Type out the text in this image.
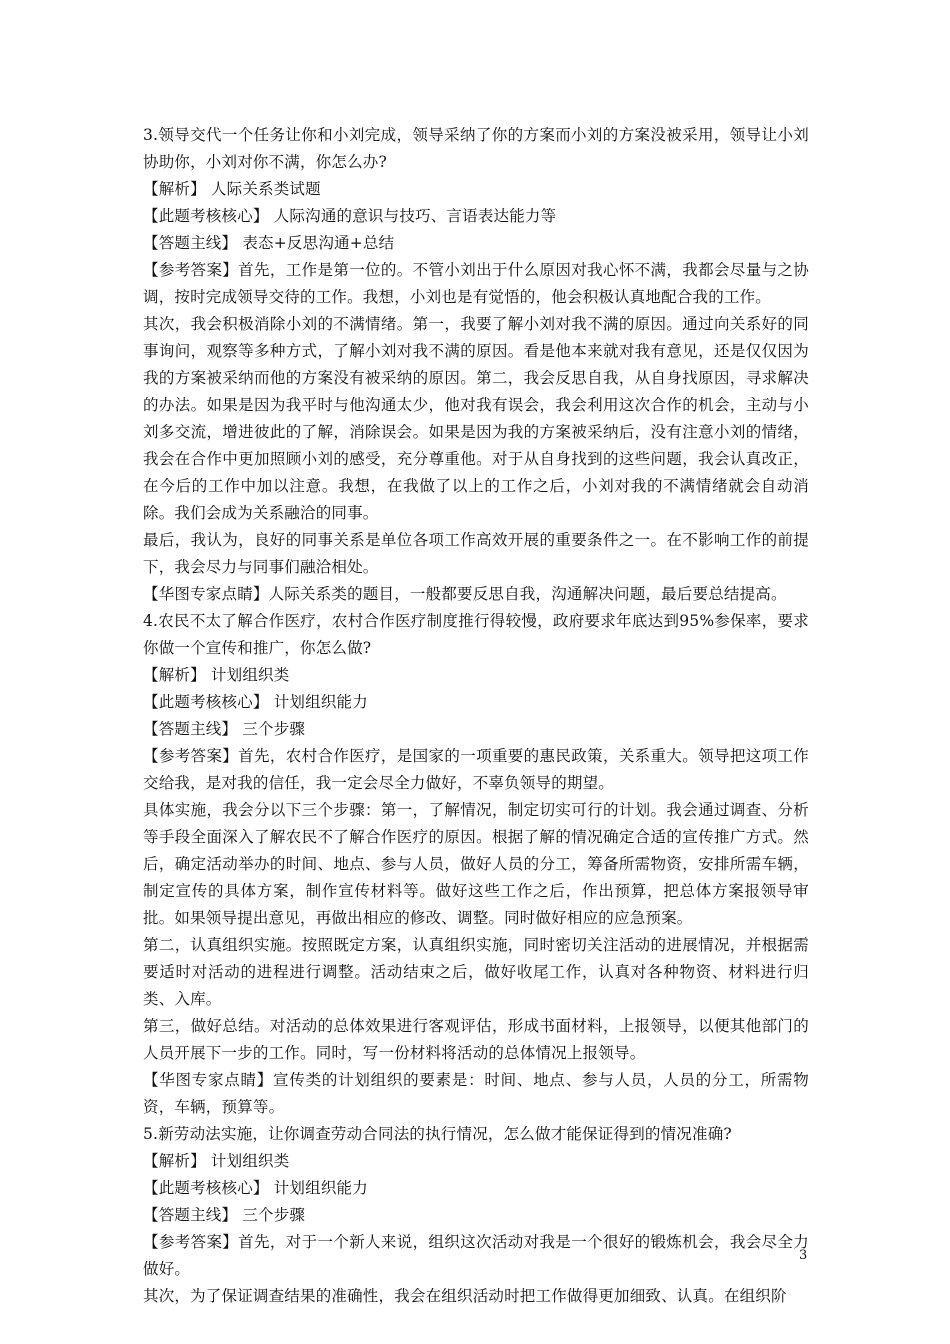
3.领导交代一个任务让你和小刘完成，领导采纳了你的方案而小刘的方案没被采用，领导让小刘协助你，小刘对你不满，你怎么办?

【解析】 人际关系类试题

【此题考核核心】 人际沟通的意识与技巧、言语表达能力等

【答题主线】 表态+反思沟通+总结

【参考答案】首先，工作是第一位的。不管小刘出于什么原因对我心怀不满，我都会尽量与之协调，按时完成领导交待的工作。我想，小刘也是有觉悟的，他会积极认真地配合我的工作。

其次，我会积极消除小刘的不满情绪。第一，我要了解小刘对我不满的原因。通过向关系好的同事询问，观察等多种方式，了解小刘对我不满的原因。看是他本来就对我有意见，还是仅仅因为我的方案被采纳而他的方案没有被采纳的原因。第二，我会反思自我，从自身找原因，寻求解决的办法。如果是因为我平时与他沟通太少，他对我有误会，我会利用这次合作的机会，主动与小刘多交流，增进彼此的了解，消除误会。如果是因为我的方案被采纳后，没有注意小刘的情绪，我会在合作中更加照顾小刘的感受，充分尊重他。对于从自身找到的这些问题，我会认真改正，在今后的工作中加以注意。我想，在我做了以上的工作之后，小刘对我的不满情绪就会自动消除。我们会成为关系融洽的同事。

最后，我认为，良好的同事关系是单位各项工作高效开展的重要条件之一。在不影响工作的前提下，我会尽力与同事们融洽相处。

【华图专家点睛】人际关系类的题目，一般都要反思自我，沟通解决问题，最后要总结提高。

4.农民不太了解合作医疗，农村合作医疗制度推行得较慢，政府要求年底达到95%参保率，要求你做一个宣传和推广，你怎么做?

【解析】 计划组织类

【此题考核核心】 计划组织能力

【答题主线】 三个步骤

【参考答案】首先，农村合作医疗，是国家的一项重要的惠民政策，关系重大。领导把这项工作交给我，是对我的信任，我一定会尽全力做好，不辜负领导的期望。

具体实施，我会分以下三个步骤：第一，了解情况，制定切实可行的计划。我会通过调查、分析等手段全面深入了解农民不了解合作医疗的原因。根据了解的情况确定合适的宣传推广方式。然后，确定活动举办的时间、地点、参与人员，做好人员的分工，筹备所需物资，安排所需车辆，制定宣传的具体方案，制作宣传材料等。做好这些工作之后，作出预算，把总体方案报领导审批。如果领导提出意见，再做出相应的修改、调整。同时做好相应的应急预案。

第二，认真组织实施。按照既定方案，认真组织实施，同时密切关注活动的进展情况，并根据需要适时对活动的进程进行调整。活动结束之后，做好收尾工作，认真对各种物资、材料进行归类、入库。

第三，做好总结。对活动的总体效果进行客观评估，形成书面材料，上报领导，以便其他部门的人员开展下一步的工作。同时，写一份材料将活动的总体情况上报领导。

【华图专家点睛】宣传类的计划组织的要素是：时间、地点、参与人员，人员的分工，所需物资，车辆，预算等。

5.新劳动法实施，让你调查劳动合同法的执行情况，怎么做才能保证得到的情况准确?

【解析】 计划组织类

【此题考核核心】 计划组织能力

【答题主线】 三个步骤

【参考答案】首先，对于一个新人来说，组织这次活动对我是一个很好的锻炼机会，我会尽全力做好。

其次，为了保证调查结果的准确性，我会在组织活动时把工作做得更加细致、认真。在组织阶

3
